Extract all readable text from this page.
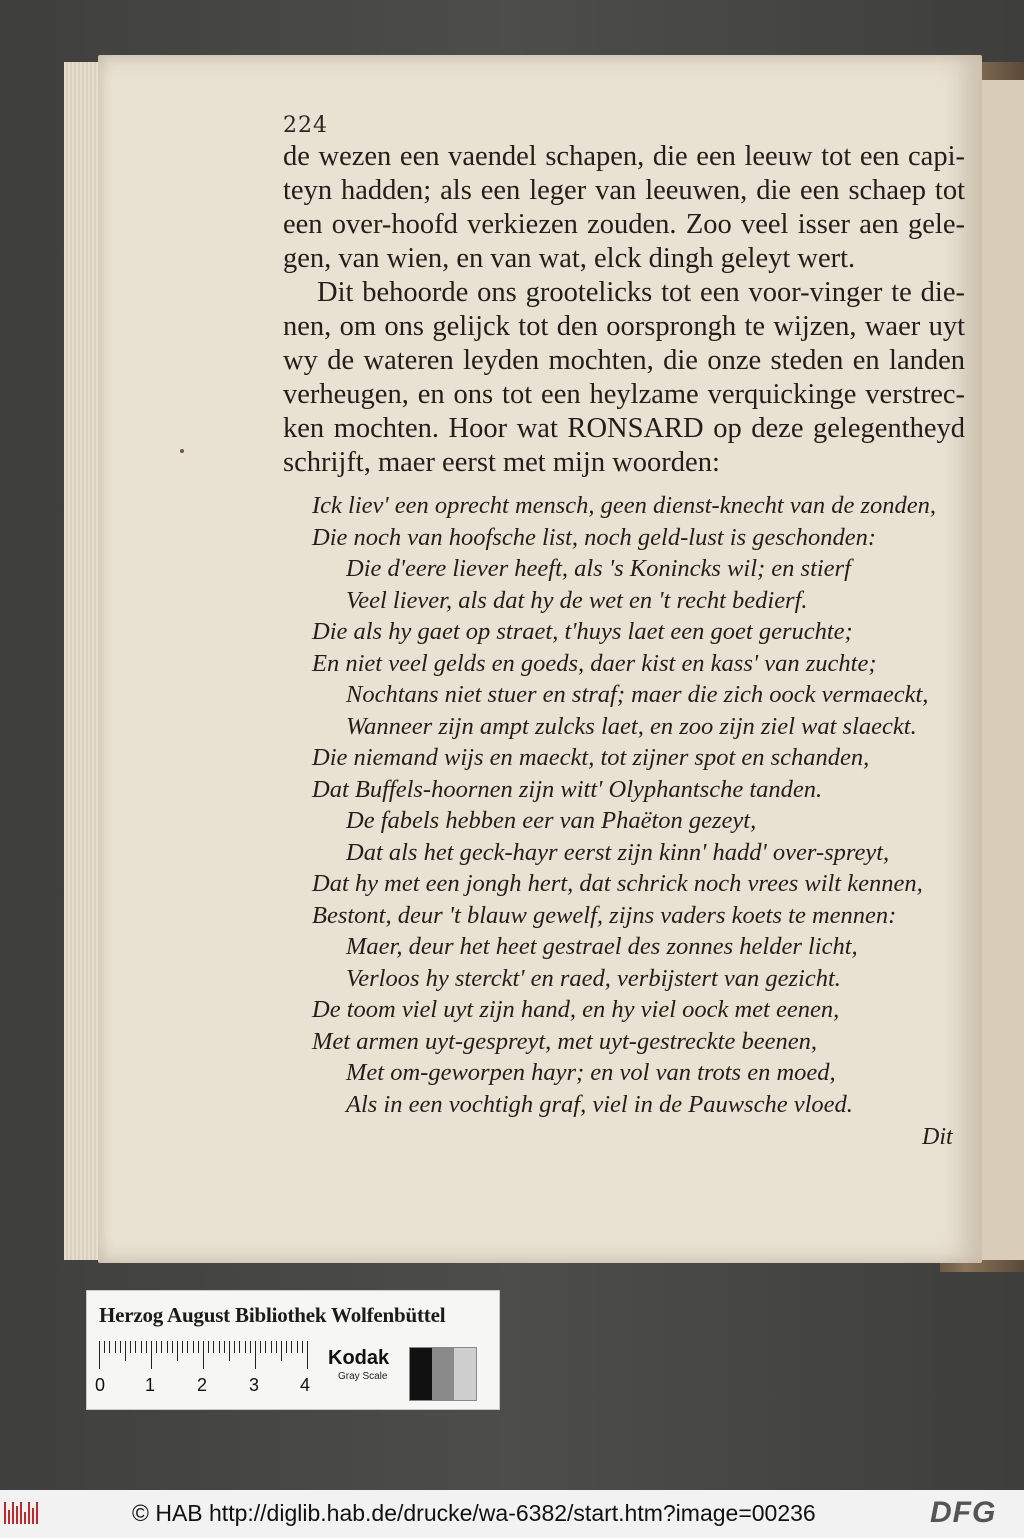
224
de wezen een vaendel schapen, die een leeuw tot een capi-
teyn hadden; als een leger van leeuwen, die een schaep tot
een over-hoofd verkiezen zouden. Zoo veel isser aen gele-
gen, van wien, en van wat, elck dingh geleyt wert.
Dit behoorde ons grootelicks tot een voor-vinger te die-
nen, om ons gelijck tot den oorsprongh te wijzen, waer uyt
wy de wateren leyden mochten, die onze steden en landen
verheugen, en ons tot een heylzame verquickinge verstrec-
ken mochten. Hoor wat RONSARD op deze gelegentheyd
schrijft, maer eerst met mijn woorden:
Ick liev' een oprecht mensch, geen dienst-knecht van de zonden,
Die noch van hoofsche list, noch geld-lust is geschonden:
Die d'eere liever heeft, als 's Konincks wil; en stierf
Veel liever, als dat hy de wet en 't recht bedierf.
Die als hy gaet op straet, t'huys laet een goet geruchte;
En niet veel gelds en goeds, daer kist en kass' van zuchte;
Nochtans niet stuer en straf; maer die zich oock vermaeckt,
Wanneer zijn ampt zulcks laet, en zoo zijn ziel wat slaeckt.
Die niemand wijs en maeckt, tot zijner spot en schanden,
Dat Buffels-hoornen zijn witt' Olyphantsche tanden.
De fabels hebben eer van Phaëton gezeyt,
Dat als het geck-hayr eerst zijn kinn' hadd' over-spreyt,
Dat hy met een jongh hert, dat schrick noch vrees wilt kennen,
Bestont, deur 't blauw gewelf, zijns vaders koets te mennen:
Maer, deur het heet gestrael des zonnes helder licht,
Verloos hy sterckt' en raed, verbijstert van gezicht.
De toom viel uyt zijn hand, en hy viel oock met eenen,
Met armen uyt-gespreyt, met uyt-gestreckte beenen,
Met om-geworpen hayr; en vol van trots en moed,
Als in een vochtigh graf, viel in de Pauwsche vloed.
Dit
Herzog August Bibliothek Wolfenbüttel
0 1 2 3 4
Kodak
Gray Scale
© HAB http://diglib.hab.de/drucke/wa-6382/start.htm?image=00236	DFG
